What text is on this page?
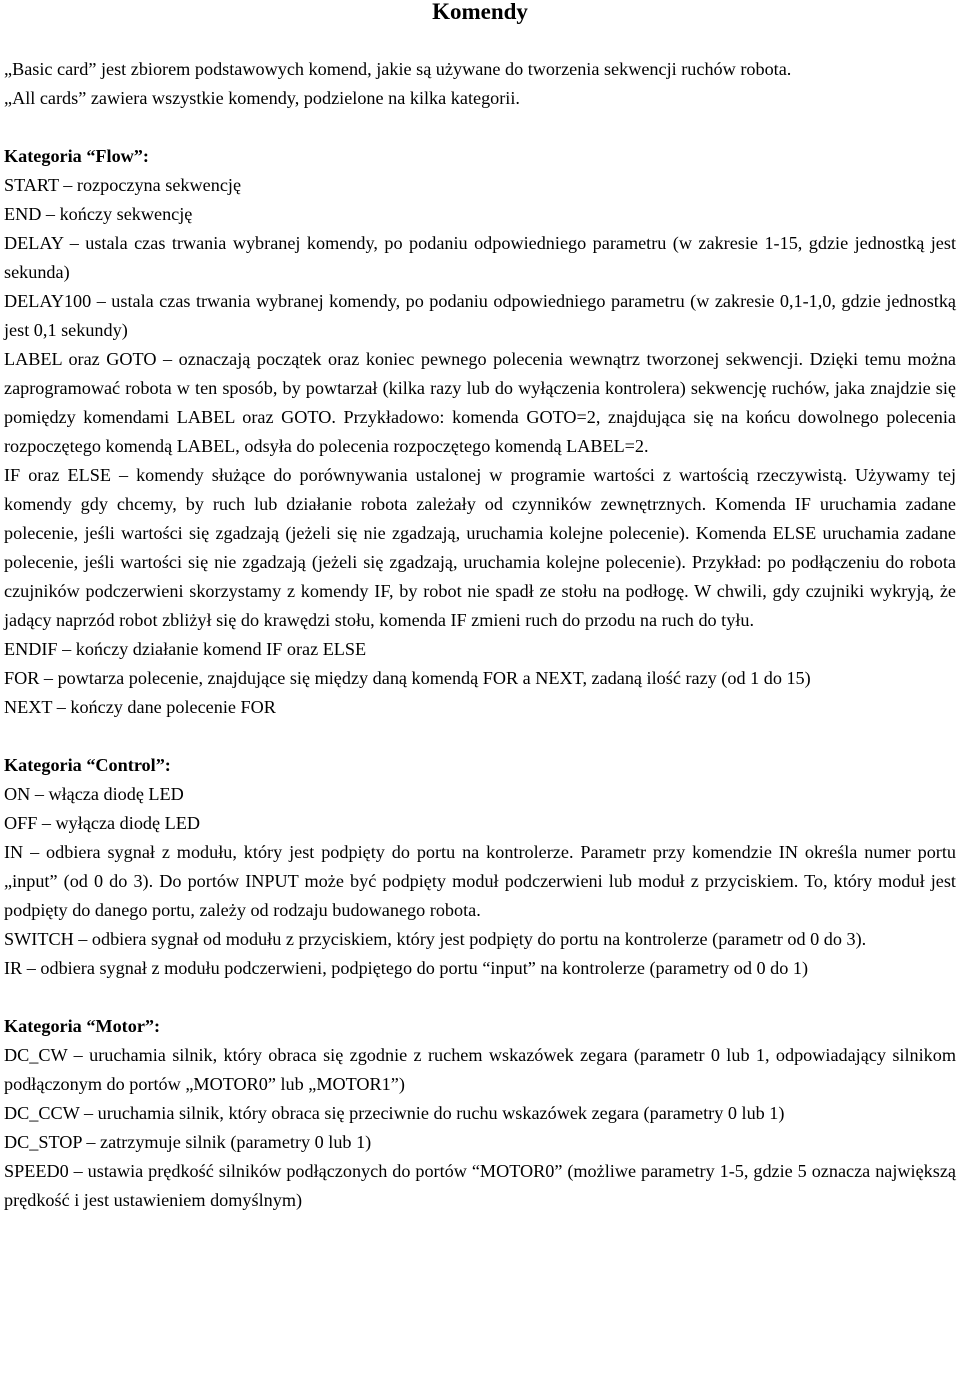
Komendy

„Basic card” jest zbiorem podstawowych komend, jakie są używane do tworzenia sekwencji ruchów robota.

„All cards” zawiera wszystkie komendy, podzielone na kilka kategorii.

Kategoria “Flow”:

START – rozpoczyna sekwencję

END – kończy sekwencję

DELAY – ustala czas trwania wybranej komendy, po podaniu odpowiedniego parametru (w zakresie 1-15, gdzie jednostką jest sekunda)

DELAY100 – ustala czas trwania wybranej komendy, po podaniu odpowiedniego parametru (w zakresie 0,1-1,0, gdzie jednostką jest 0,1 sekundy)

LABEL oraz GOTO – oznaczają początek oraz koniec pewnego polecenia wewnątrz tworzonej sekwencji. Dzięki temu można zaprogramować robota w ten sposób, by powtarzał (kilka razy lub do wyłączenia kontrolera) sekwencję ruchów, jaka znajdzie się pomiędzy komendami LABEL oraz GOTO. Przykładowo: komenda GOTO=2, znajdująca się na końcu dowolnego polecenia rozpoczętego komendą LABEL, odsyła do polecenia rozpoczętego komendą LABEL=2.

IF oraz ELSE – komendy służące do porównywania ustalonej w programie wartości z wartością rzeczywistą. Używamy tej komendy gdy chcemy, by ruch lub działanie robota zależały od czynników zewnętrznych. Komenda IF uruchamia zadane polecenie, jeśli wartości się zgadzają (jeżeli się nie zgadzają, uruchamia kolejne polecenie). Komenda ELSE uruchamia zadane polecenie, jeśli wartości się nie zgadzają (jeżeli się zgadzają, uruchamia kolejne polecenie). Przykład: po podłączeniu do robota czujników podczerwieni skorzystamy z komendy IF, by robot nie spadł ze stołu na podłogę. W chwili, gdy czujniki wykryją, że jadący naprzód robot zbliżył się do krawędzi stołu, komenda IF zmieni ruch do przodu na ruch do tyłu.

ENDIF – kończy działanie komend IF oraz ELSE

FOR – powtarza polecenie, znajdujące się między daną komendą FOR a NEXT, zadaną ilość razy (od 1 do 15)

NEXT – kończy dane polecenie FOR

Kategoria “Control”:

ON – włącza diodę LED

OFF – wyłącza diodę LED

IN – odbiera sygnał z modułu, który jest podpięty do portu na kontrolerze. Parametr przy komendzie IN określa numer portu „input” (od 0 do 3). Do portów INPUT może być podpięty moduł podczerwieni lub moduł z przyciskiem. To, który moduł jest podpięty do danego portu, zależy od rodzaju budowanego robota.

SWITCH – odbiera sygnał od modułu z przyciskiem, który jest podpięty do portu na kontrolerze (parametr od 0 do 3).

IR – odbiera sygnał z modułu podczerwieni, podpiętego do portu “input” na kontrolerze (parametry od 0 do 1)

Kategoria “Motor”:

DC_CW – uruchamia silnik, który obraca się zgodnie z ruchem wskazówek zegara (parametr 0 lub 1, odpowiadający silnikom podłączonym do portów „MOTOR0” lub „MOTOR1”)

DC_CCW – uruchamia silnik, który obraca się przeciwnie do ruchu wskazówek zegara (parametry 0 lub 1)

DC_STOP – zatrzymuje silnik (parametry 0 lub 1)

SPEED0 – ustawia prędkość silników podłączonych do portów “MOTOR0” (możliwe parametry 1-5, gdzie 5 oznacza największą prędkość i jest ustawieniem domyślnym)
